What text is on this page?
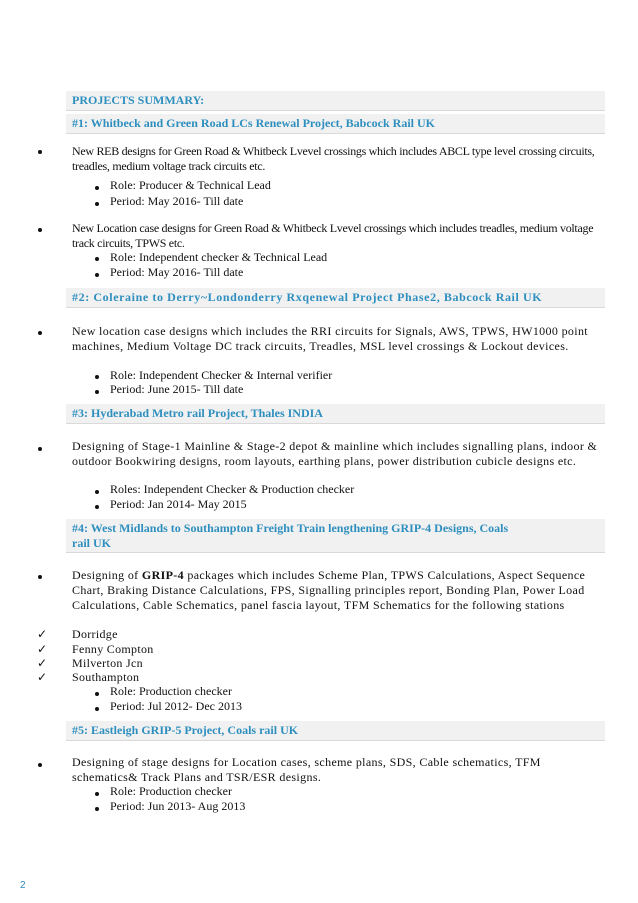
PROJECTS SUMMARY:
#1: Whitbeck and Green Road LCs Renewal Project, Babcock Rail UK
New REB designs for Green Road & Whitbeck Lvevel crossings which includes ABCL type level crossing circuits, treadles, medium voltage track circuits etc.
Role: Producer & Technical Lead
Period: May 2016- Till date
New Location case designs for Green Road & Whitbeck Lvevel crossings which includes treadles, medium voltage track circuits, TPWS etc.
Role: Independent checker & Technical Lead
Period: May 2016- Till date
#2: Coleraine to Derry~Londonderry Rxqenewal Project Phase2, Babcock Rail UK
New location case designs which includes the RRI circuits for Signals, AWS, TPWS, HW1000 point machines, Medium Voltage DC track circuits, Treadles, MSL level crossings & Lockout devices.
Role: Independent Checker & Internal verifier
Period: June 2015- Till date
#3: Hyderabad Metro rail Project, Thales INDIA
Designing of Stage-1 Mainline & Stage-2 depot & mainline which includes signalling plans, indoor & outdoor Bookwiring designs, room layouts, earthing plans, power distribution cubicle designs etc.
Roles: Independent Checker & Production checker
Period: Jan 2014- May 2015
#4: West Midlands to Southampton Freight Train lengthening GRIP-4 Designs, Coals
rail UK
Designing of GRIP-4 packages which includes Scheme Plan, TPWS Calculations, Aspect Sequence Chart, Braking Distance Calculations, FPS, Signalling principles report, Bonding Plan, Power Load Calculations, Cable Schematics, panel fascia layout, TFM Schematics for the following stations
✓ Dorridge
✓ Fenny Compton
✓ Milverton Jcn
✓ Southampton
Role: Production checker
Period: Jul 2012- Dec 2013
#5: Eastleigh GRIP-5 Project, Coals rail UK
Designing of stage designs for Location cases, scheme plans, SDS, Cable schematics, TFM schematics& Track Plans and TSR/ESR designs.
Role: Production checker
Period: Jun 2013- Aug 2013
2
